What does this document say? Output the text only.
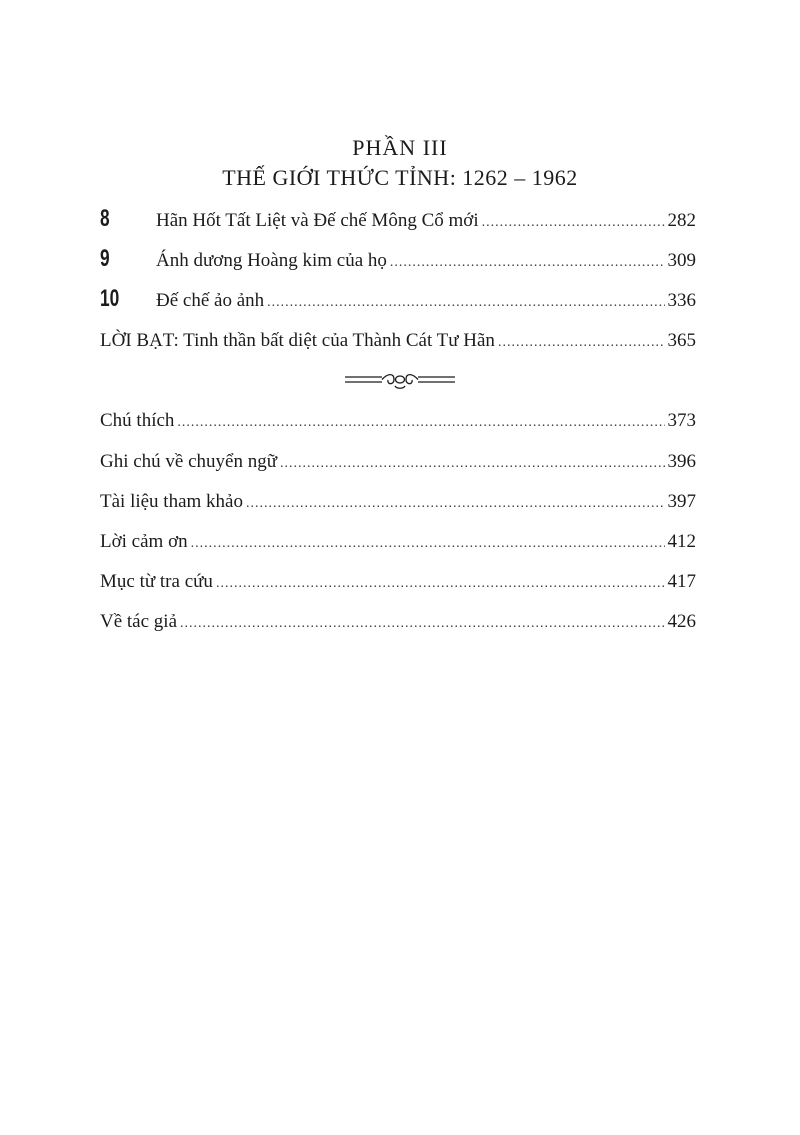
PHẦN III
THẾ GIỚI THỨC TỈNH: 1262 – 1962
8	Hãn Hốt Tất Liệt và Đế chế Mông Cổ mới .....	282
9	Ánh dương Hoàng kim của họ .....	309
10	Đế chế ảo ảnh .....	336
LỜI BẠT: Tinh thần bất diệt của Thành Cát Tư Hãn .....	365
Chú thích .....	373
Ghi chú về chuyển ngữ .....	396
Tài liệu tham khảo .....	397
Lời cảm ơn .....	412
Mục từ tra cứu .....	417
Về tác giả .....	426
